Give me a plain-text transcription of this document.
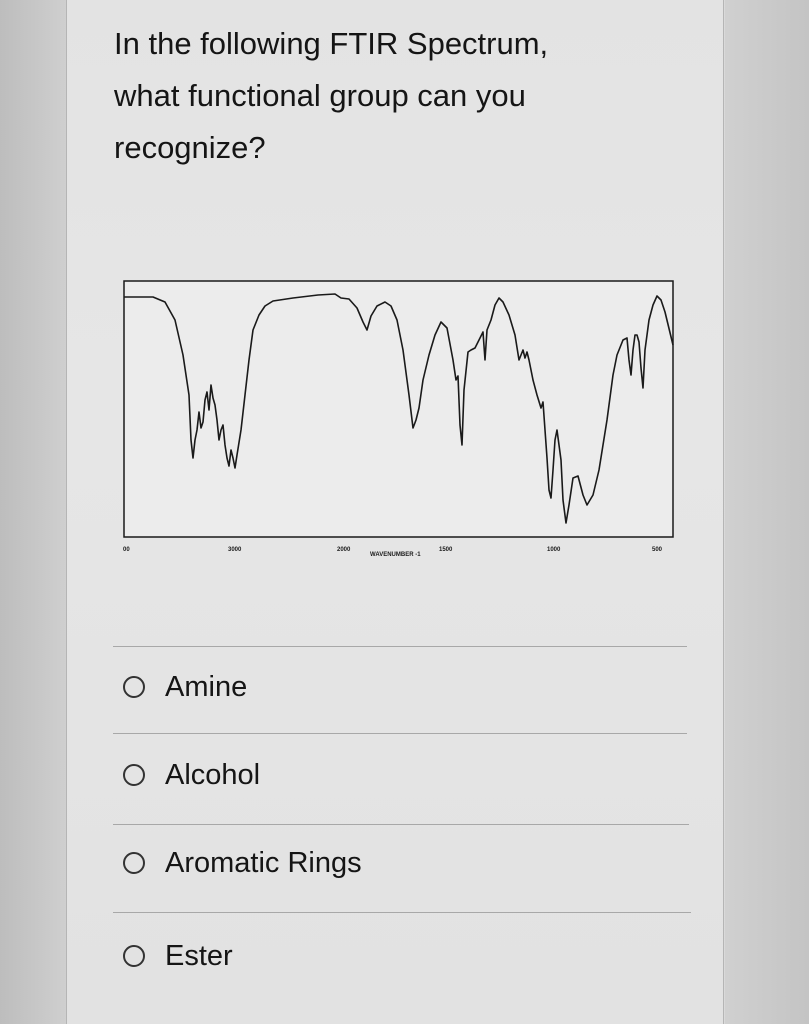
In the following FTIR Spectrum,
what functional group can you
recognize?
00	3000	2000
WAVENUMBER -1
1500	1000	500
Amine
Alcohol
Aromatic Rings
Ester
